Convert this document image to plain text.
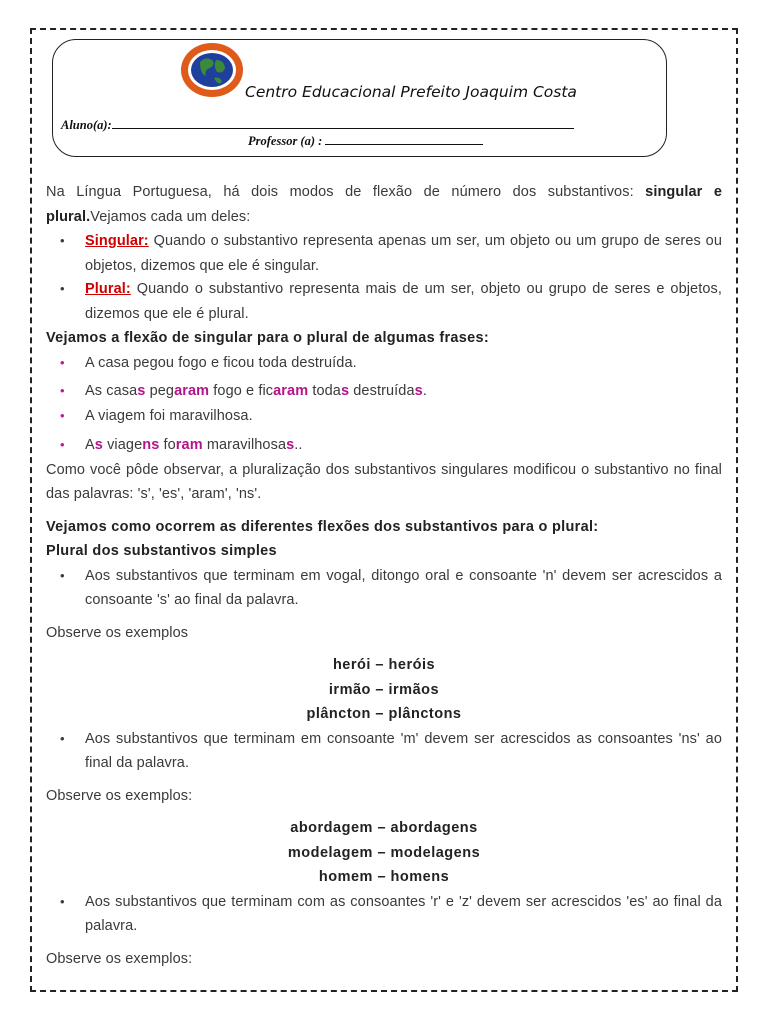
Centro Educacional Prefeito Joaquim Costa
Aluno(a):
Professor (a) :

Na Língua Portuguesa, há dois modos de flexão de número dos substantivos: singular e plural.Vejamos cada um deles:

• Singular: Quando o substantivo representa apenas um ser, um objeto ou um grupo de seres ou objetos, dizemos que ele é singular.
• Plural: Quando o substantivo representa mais de um ser, objeto ou grupo de seres e objetos, dizemos que ele é plural.

Vejamos a flexão de singular para o plural de algumas frases:

• A casa pegou fogo e ficou toda destruída.
• As casas pegaram fogo e ficaram todas destruídas.
• A viagem foi maravilhosa.
• As viagens foram maravilhosas..

Como você pôde observar, a pluralização dos substantivos singulares modificou o substantivo no final das palavras: 's', 'es', 'aram', 'ns'.

Vejamos como ocorrem as diferentes flexões dos substantivos para o plural:

Plural dos substantivos simples

• Aos substantivos que terminam em vogal, ditongo oral e consoante 'n' devem ser acrescidos a consoante 's' ao final da palavra.

Observe os exemplos

herói – heróis

irmão – irmãos

plâncton – plânctons

• Aos substantivos que terminam em consoante 'm' devem ser acrescidos as consoantes 'ns' ao final da palavra.

Observe os exemplos:

abordagem – abordagens

modelagem – modelagens

homem – homens

• Aos substantivos que terminam com as consoantes 'r' e 'z' devem ser acrescidos 'es' ao final da palavra.

Observe os exemplos:
